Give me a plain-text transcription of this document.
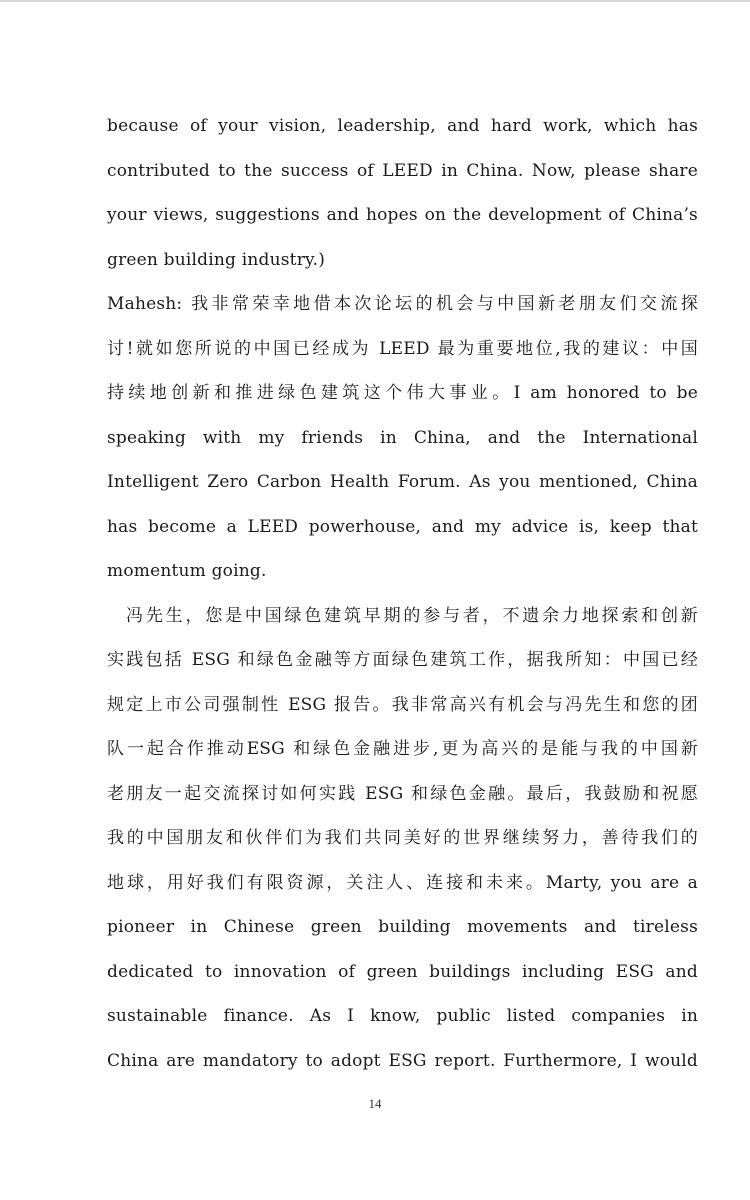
because of your vision, leadership, and hard work, which has
contributed to the success of LEED in China. Now, please share
your views, suggestions and hopes on the development of China’s
green building industry.)
Mahesh: 我非常荣幸地借本次论坛的机会与中国新老朋友们交流探
讨!就如您所说的中国已经成为 LEED 最为重要地位,我的建议：中国
持续地创新和推进绿色建筑这个伟大事业。I am honored to be
speaking with my friends in China, and the International
Intelligent Zero Carbon Health Forum. As you mentioned, China
has become a LEED powerhouse, and my advice is, keep that
momentum going.
冯先生，您是中国绿色建筑早期的参与者，不遗余力地探索和创新
实践包括 ESG 和绿色金融等方面绿色建筑工作，据我所知：中国已经
规定上市公司强制性 ESG 报告。我非常高兴有机会与冯先生和您的团
队一起合作推动ESG 和绿色金融进步,更为高兴的是能与我的中国新
老朋友一起交流探讨如何实践 ESG 和绿色金融。最后，我鼓励和祝愿
我的中国朋友和伙伴们为我们共同美好的世界继续努力，善待我们的
地球，用好我们有限资源，关注人、连接和未来。Marty, you are a
pioneer in Chinese green building movements and tireless
dedicated to innovation of green buildings including ESG and
sustainable finance. As I know, public listed companies in
China are mandatory to adopt ESG report. Furthermore, I would
14
